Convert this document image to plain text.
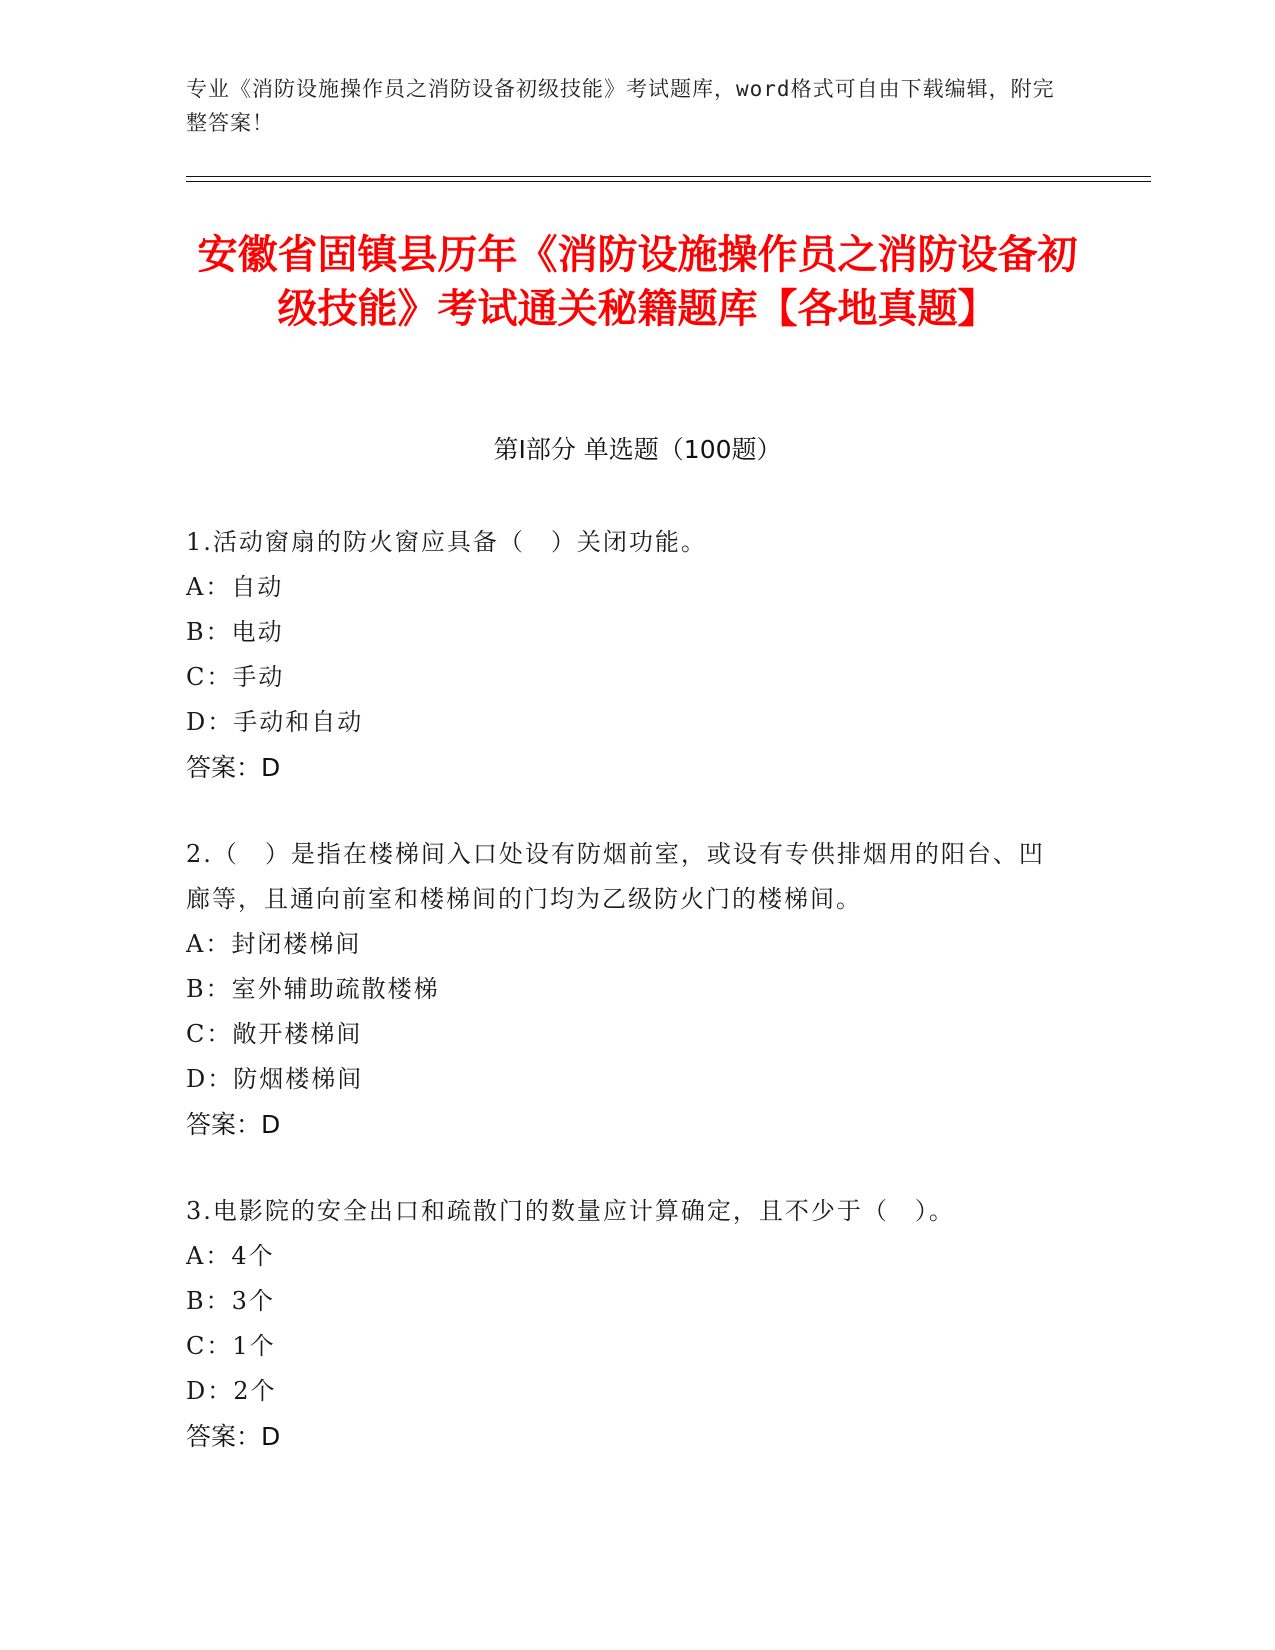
专业《消防设施操作员之消防设备初级技能》考试题库，word格式可自由下载编辑，附完整答案！
安徽省固镇县历年《消防设施操作员之消防设备初级技能》考试通关秘籍题库【各地真题】
第Ⅰ部分 单选题（100题）
1.活动窗扇的防火窗应具备（　）关闭功能。
A：自动
B：电动
C：手动
D：手动和自动
答案：D
2.（　）是指在楼梯间入口处设有防烟前室，或设有专供排烟用的阳台、凹廊等，且通向前室和楼梯间的门均为乙级防火门的楼梯间。
A：封闭楼梯间
B：室外辅助疏散楼梯
C：敞开楼梯间
D：防烟楼梯间
答案：D
3.电影院的安全出口和疏散门的数量应计算确定，且不少于（　）。
A：4个
B：3个
C：1个
D：2个
答案：D
